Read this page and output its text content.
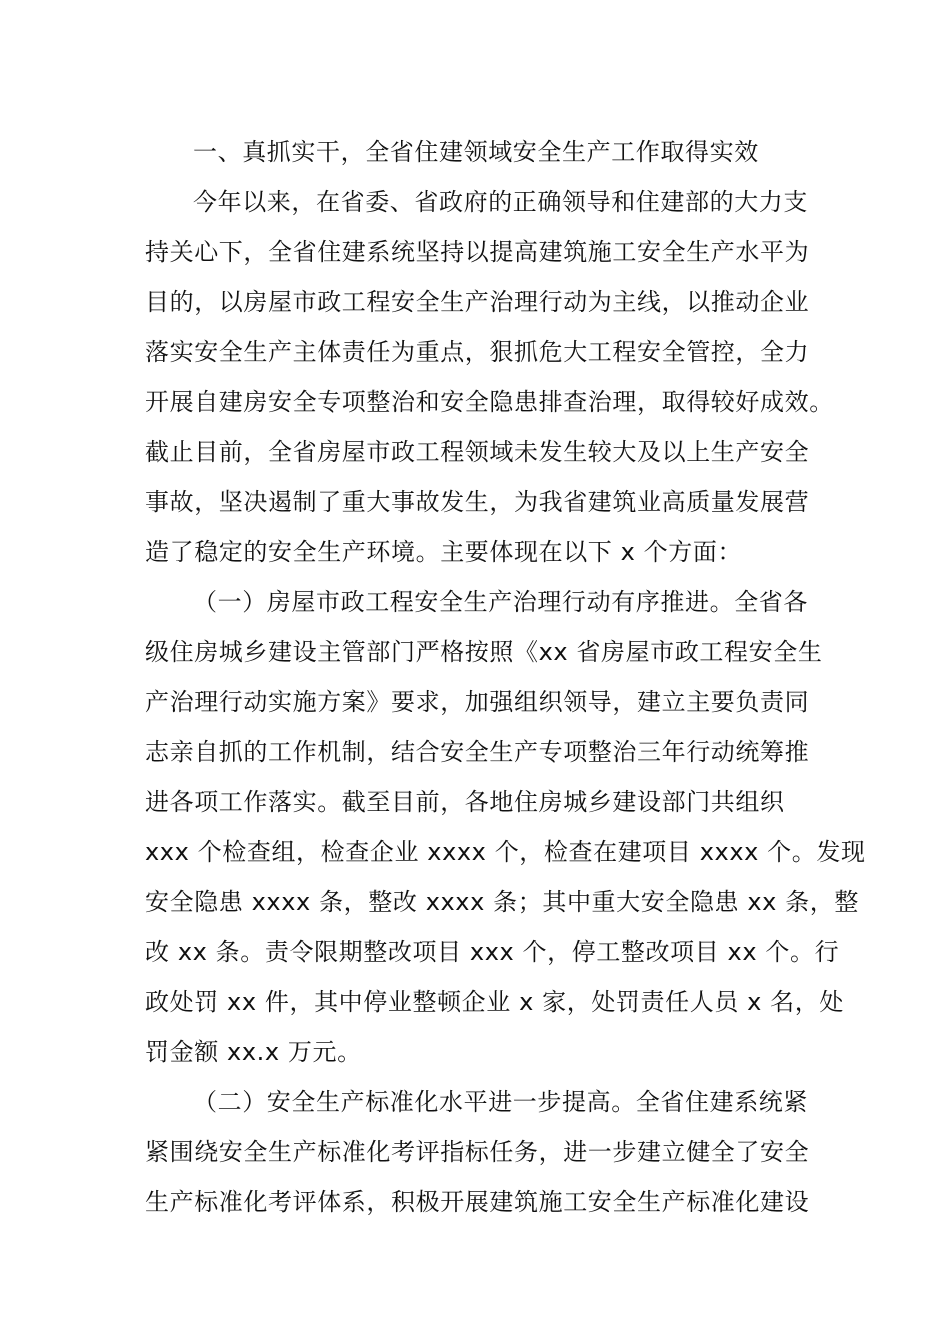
一、真抓实干，全省住建领域安全生产工作取得实效
今年以来，在省委、省政府的正确领导和住建部的大力支
持关心下，全省住建系统坚持以提高建筑施工安全生产水平为
目的，以房屋市政工程安全生产治理行动为主线，以推动企业
落实安全生产主体责任为重点，狠抓危大工程安全管控，全力
开展自建房安全专项整治和安全隐患排查治理，取得较好成效。
截止目前，全省房屋市政工程领域未发生较大及以上生产安全
事故，坚决遏制了重大事故发生，为我省建筑业高质量发展营
造了稳定的安全生产环境。主要体现在以下 x 个方面：
（一）房屋市政工程安全生产治理行动有序推进。全省各
级住房城乡建设主管部门严格按照《xx 省房屋市政工程安全生
产治理行动实施方案》要求，加强组织领导，建立主要负责同
志亲自抓的工作机制，结合安全生产专项整治三年行动统筹推
进各项工作落实。截至目前，各地住房城乡建设部门共组织
xxx 个检查组，检查企业 xxxx 个，检查在建项目 xxxx 个。发现
安全隐患 xxxx 条，整改 xxxx 条；其中重大安全隐患 xx 条，整
改 xx 条。责令限期整改项目 xxx 个，停工整改项目 xx 个。行
政处罚 xx 件，其中停业整顿企业 x 家，处罚责任人员 x 名，处
罚金额 xx.x 万元。
（二）安全生产标准化水平进一步提高。全省住建系统紧
紧围绕安全生产标准化考评指标任务，进一步建立健全了安全
生产标准化考评体系，积极开展建筑施工安全生产标准化建设
